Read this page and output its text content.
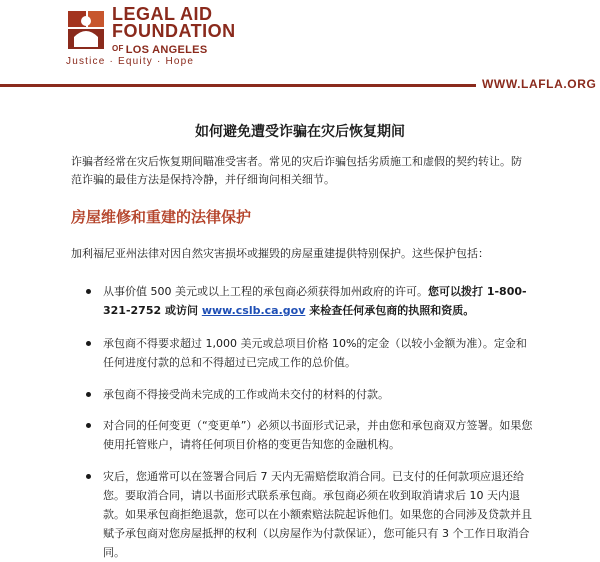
LEGAL AID
FOUNDATION
OF LOS ANGELES
Justice · Equity · Hope
WWW.LAFLA.ORG
如何避免遭受诈骗在灾后恢复期间
诈骗者经常在灾后恢复期间瞄准受害者。常见的灾后诈骗包括劣质施工和虚假的契约转让。防范诈骗的最佳方法是保持冷静，并仔细询问相关细节。
房屋维修和重建的法律保护
加利福尼亚州法律对因自然灾害损坏或摧毁的房屋重建提供特别保护。这些保护包括：
从事价值 500 美元或以上工程的承包商必须获得加州政府的许可。您可以拨打 1-800-321-2752 或访问 www.cslb.ca.gov 来检查任何承包商的执照和资质。
承包商不得要求超过 1,000 美元或总项目价格 10%的定金（以较小金额为准）。定金和任何进度付款的总和不得超过已完成工作的总价值。
承包商不得接受尚未完成的工作或尚未交付的材料的付款。
对合同的任何变更（“变更单”）必须以书面形式记录，并由您和承包商双方签署。如果您使用托管账户，请将任何项目价格的变更告知您的金融机构。
灾后，您通常可以在签署合同后 7 天内无需赔偿取消合同。已支付的任何款项应退还给您。要取消合同，请以书面形式联系承包商。承包商必须在收到取消请求后 10 天内退款。如果承包商拒绝退款，您可以在小额索赔法院起诉他们。如果您的合同涉及贷款并且赋予承包商对您房屋抵押的权利（以房屋作为付款保证），您可能只有 3 个工作日取消合同。
